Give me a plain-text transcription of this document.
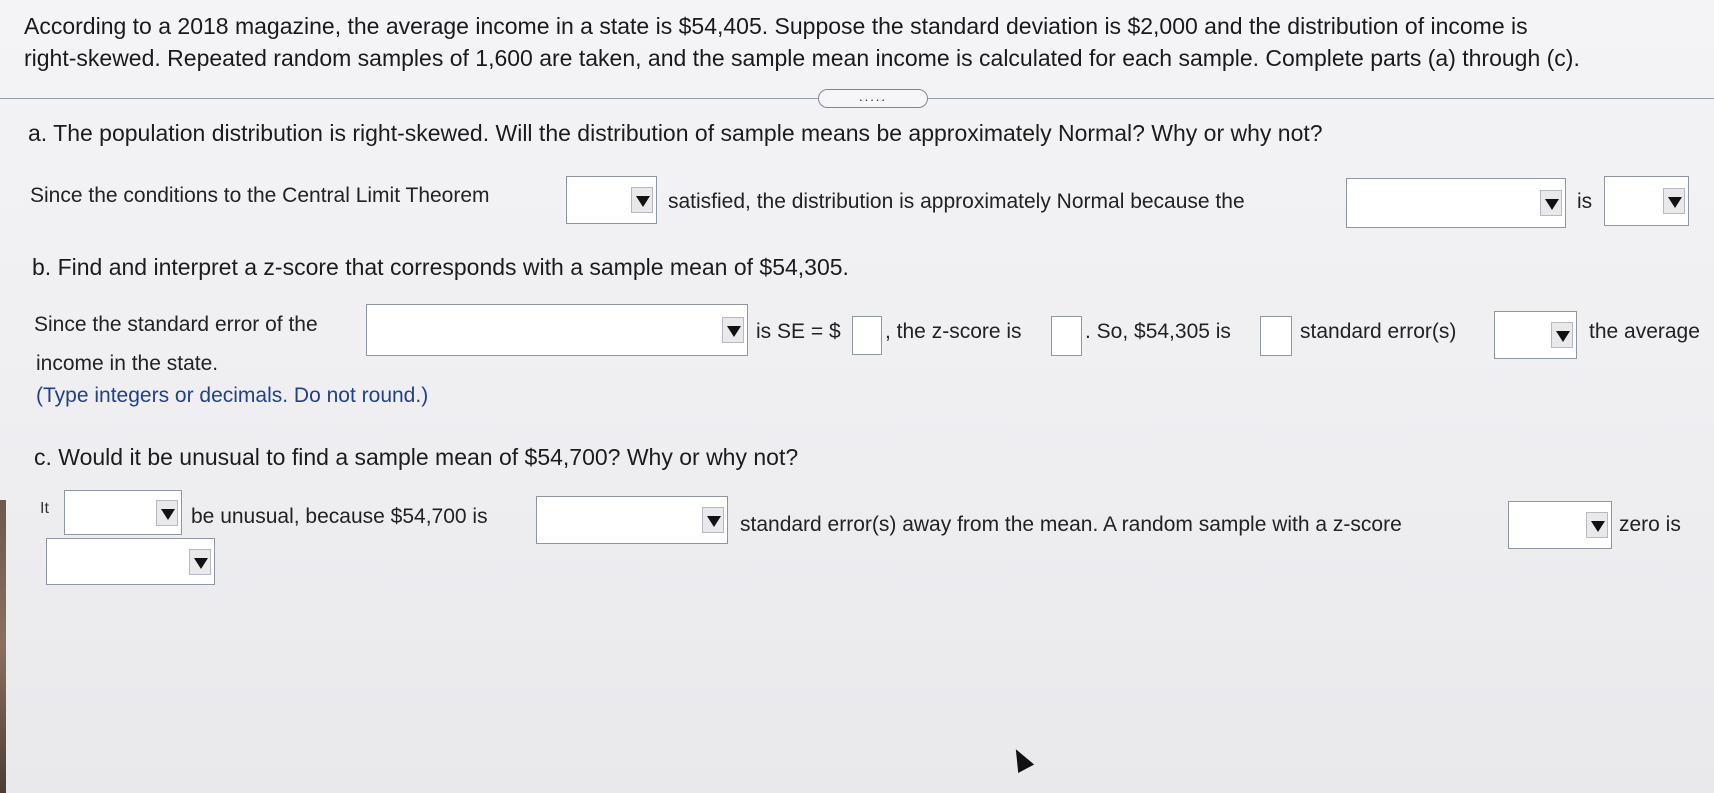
According to a 2018 magazine, the average income in a state is $54,405. Suppose the standard deviation is $2,000 and the distribution of income is
right-skewed. Repeated random samples of 1,600 are taken, and the sample mean income is calculated for each sample. Complete parts (a) through (c).
.....
a. The population distribution is right-skewed. Will the distribution of sample means be approximately Normal? Why or why not?
Since the conditions to the Central Limit Theorem	satisfied, the distribution is approximately Normal because the	is
b. Find and interpret a z-score that corresponds with a sample mean of $54,305.
Since the standard error of the	is SE = $ , the z-score is	. So, $54,305 is	standard error(s)	the average
income in the state.
(Type integers or decimals. Do not round.)
c. Would it be unusual to find a sample mean of $54,700? Why or why not?
It	be unusual, because $54,700 is	standard error(s) away from the mean. A random sample with a z-score	zero is
